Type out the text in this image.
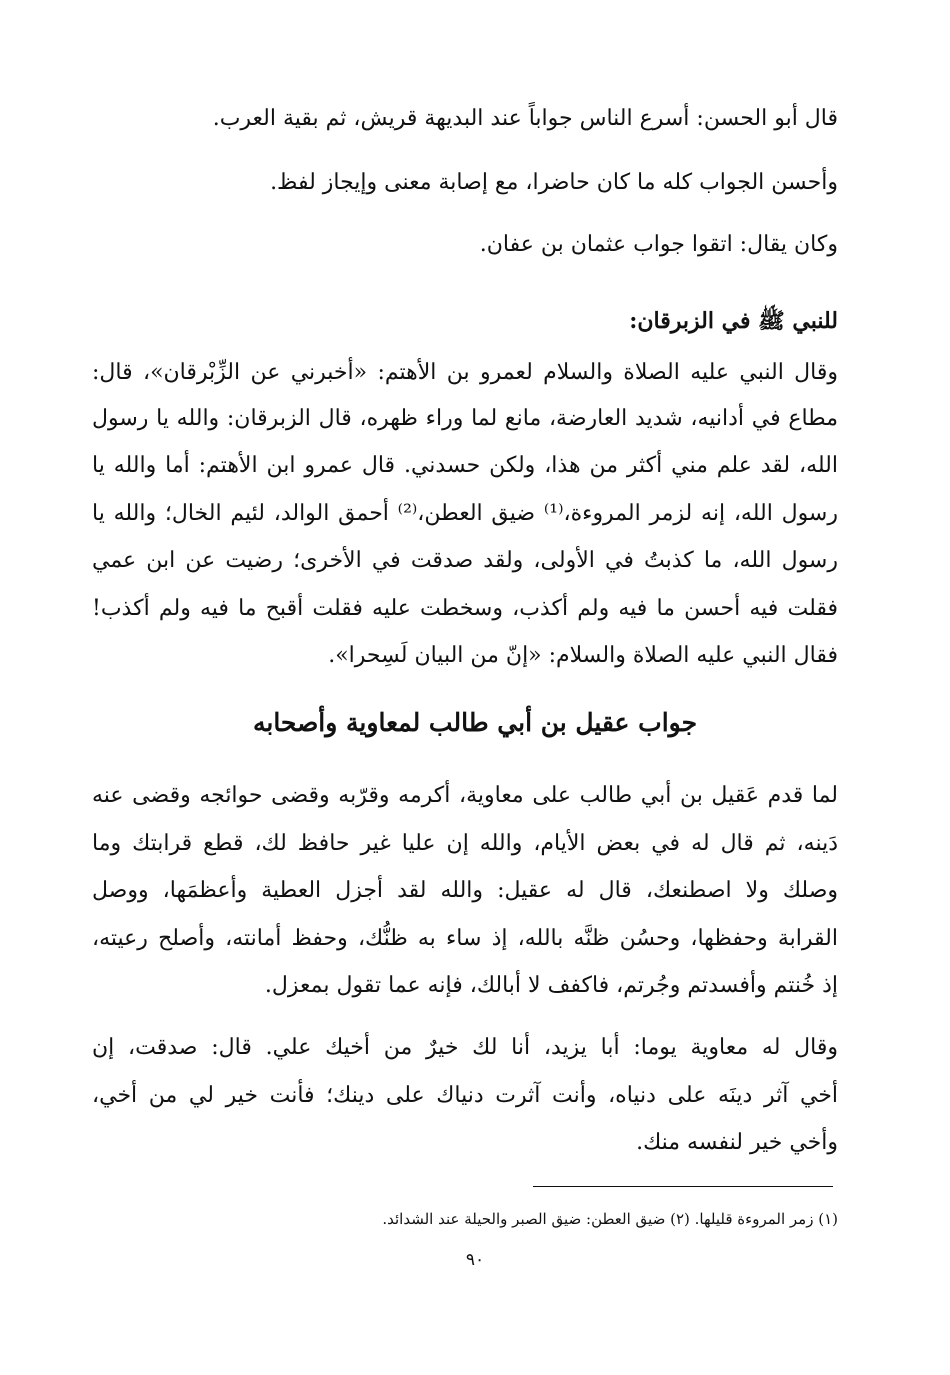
قال أبو الحسن: أسرع الناس جواباً عند البديهة قريش، ثم بقية العرب.
وأحسن الجواب كله ما كان حاضرا، مع إصابة معنى وإيجاز لفظ.
وكان يقال: اتقوا جواب عثمان بن عفان.
للنبي ﷺ في الزبرقان:
وقال النبي عليه الصلاة والسلام لعمرو بن الأهتم: «أخبرني عن الزِّبْرقان»، قال:
مطاع في أدانيه، شديد العارضة، مانع لما وراء ظهره، قال الزبرقان: والله يا رسول
الله، لقد علم مني أكثر من هذا، ولكن حسدني. قال عمرو ابن الأهتم: أما والله يا
رسول الله، إنه لزمر المروءة،⁽¹⁾ ضيق العطن،⁽²⁾ أحمق الوالد، لئيم الخال؛ والله يا
رسول الله، ما كذبتُ في الأولى، ولقد صدقت في الأخرى؛ رضيت عن ابن عمي
فقلت فيه أحسن ما فيه ولم أكذب، وسخطت عليه فقلت أقبح ما فيه ولم أكذب!
فقال النبي عليه الصلاة والسلام: «إنّ من البيان لَسِحرا».
جواب عقيل بن أبي طالب لمعاوية وأصحابه
لما قدم عَقيل بن أبي طالب على معاوية، أكرمه وقرّبه وقضى حوائجه وقضى عنه
دَينه، ثم قال له في بعض الأيام، والله إن عليا غير حافظ لك، قطع قرابتك وما
وصلك ولا اصطنعك، قال له عقيل: والله لقد أجزل العطية وأعظمَها، ووصل
القرابة وحفظها، وحسُن ظنَّه بالله، إذ ساء به ظنُّك، وحفظ أمانته، وأصلح رعيته،
إذ خُنتم وأفسدتم وجُرتم، فاكفف لا أبالك، فإنه عما تقول بمعزل.
وقال له معاوية يوما: أبا يزيد، أنا لك خيرٌ من أخيك علي. قال: صدقت، إن
أخي آثر دينَه على دنياه، وأنت آثرت دنياك على دينك؛ فأنت خير لي من أخي،
وأخي خير لنفسه منك.
(١) زمر المروءة قليلها. (٢) ضيق العطن: ضيق الصبر والحيلة عند الشدائد.
٩٠
